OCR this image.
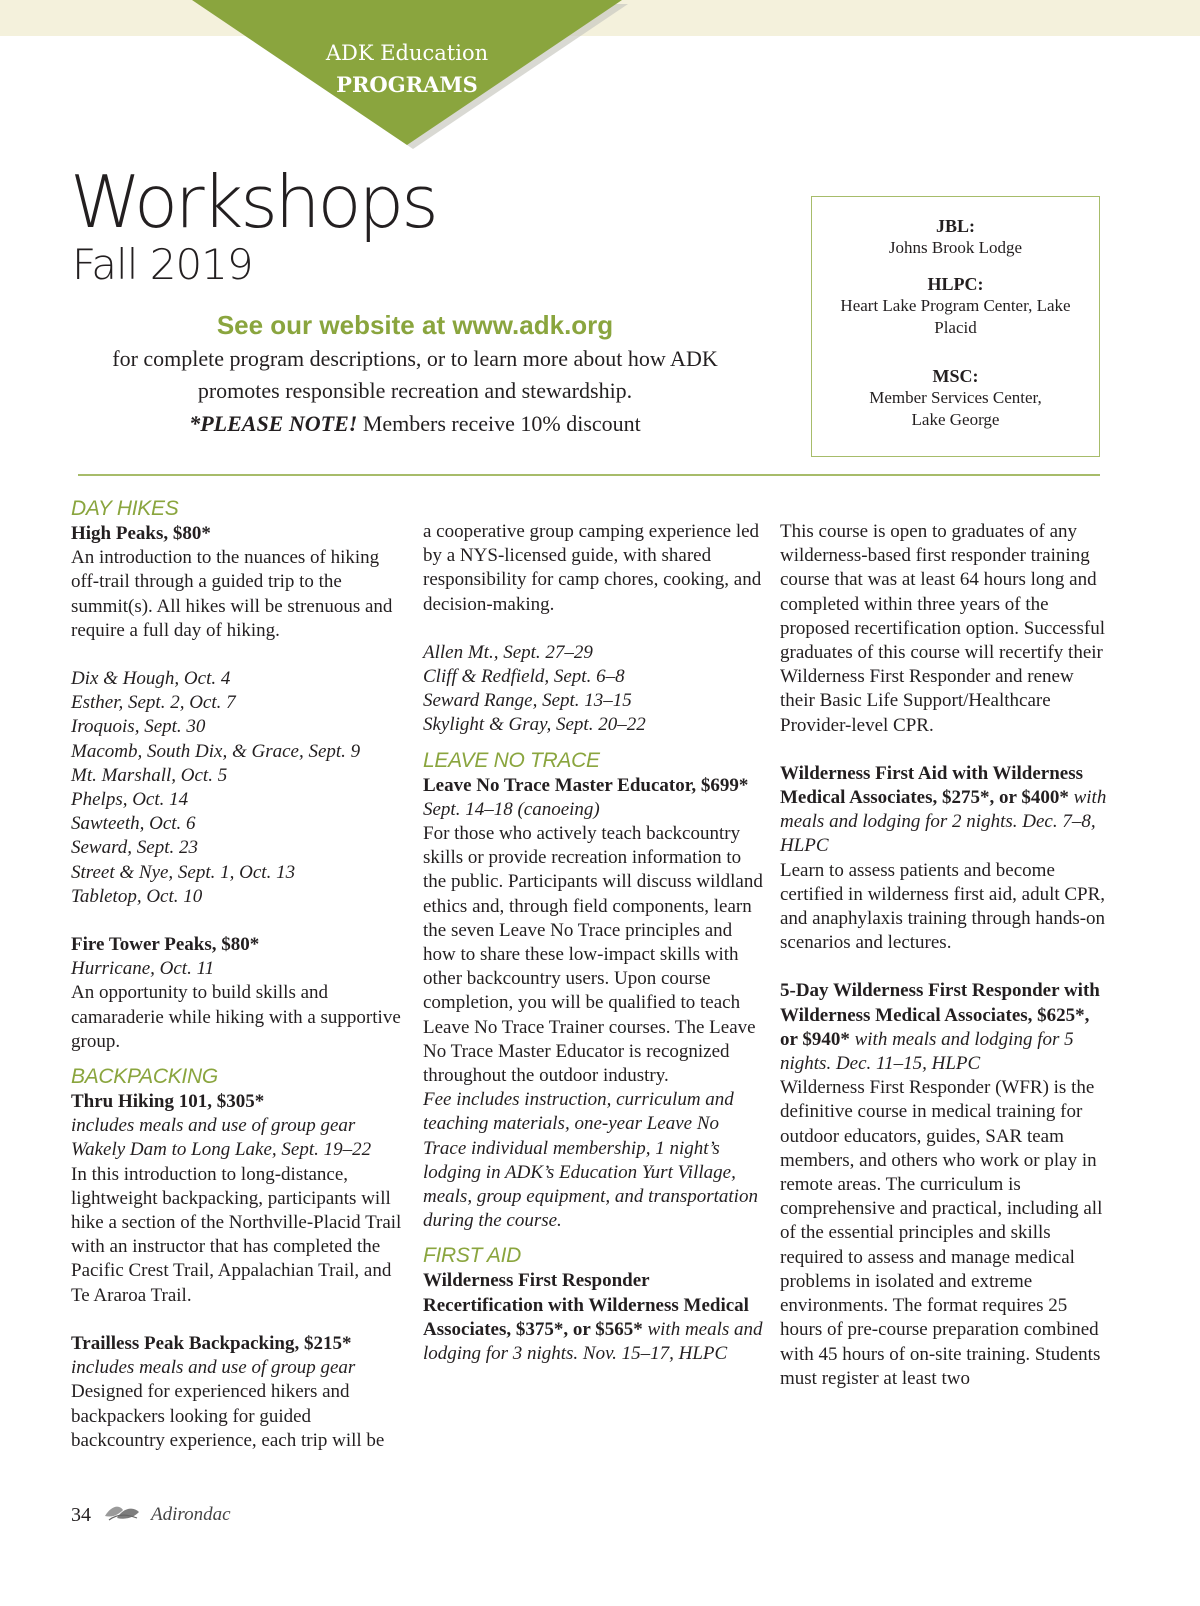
ADK Education
PROGRAMS
Workshops
Fall 2019
See our website at www.adk.org
for complete program descriptions, or to learn more about how ADK promotes responsible recreation and stewardship.
*PLEASE NOTE! Members receive 10% discount
JBL:
Johns Brook Lodge
HLPC:
Heart Lake Program Center, Lake Placid
MSC:
Member Services Center, Lake George

DAY HIKES

High Peaks, $80*

An introduction to the nuances of hiking off-trail through a guided trip to the summit(s). All hikes will be strenuous and require a full day of hiking.

Dix & Hough, Oct. 4

Esther, Sept. 2, Oct. 7

Iroquois, Sept. 30

Macomb, South Dix, & Grace, Sept. 9

Mt. Marshall, Oct. 5

Phelps, Oct. 14

Sawteeth, Oct. 6

Seward, Sept. 23

Street & Nye, Sept. 1, Oct. 13

Tabletop, Oct. 10

Fire Tower Peaks, $80*

Hurricane, Oct. 11

An opportunity to build skills and camaraderie while hiking with a supportive group.

BACKPACKING

Thru Hiking 101, $305*

includes meals and use of group gear Wakely Dam to Long Lake, Sept. 19–22

In this introduction to long-distance, lightweight backpacking, participants will hike a section of the Northville-Placid Trail with an instructor that has completed the Pacific Crest Trail, Appalachian Trail, and Te Araroa Trail.

Trailless Peak Backpacking, $215*

includes meals and use of group gear

Designed for experienced hikers and backpackers looking for guided backcountry experience, each trip will be

a cooperative group camping experience led by a NYS-licensed guide, with shared responsibility for camp chores, cooking, and decision-making.

Allen Mt., Sept. 27–29

Cliff & Redfield, Sept. 6–8

Seward Range, Sept. 13–15

Skylight & Gray, Sept. 20–22

LEAVE NO TRACE

Leave No Trace Master Educator, $699*

Sept. 14–18 (canoeing)

For those who actively teach backcountry skills or provide recreation information to the public. Participants will discuss wildland ethics and, through field components, learn the seven Leave No Trace principles and how to share these low-impact skills with other backcountry users. Upon course completion, you will be qualified to teach Leave No Trace Trainer courses. The Leave No Trace Master Educator is recognized throughout the outdoor industry.

Fee includes instruction, curriculum and teaching materials, one-year Leave No Trace individual membership, 1 night’s lodging in ADK’s Education Yurt Village, meals, group equipment, and transportation during the course.

FIRST AID

Wilderness First Responder Recertification with Wilderness Medical Associates, $375*, or $565* with meals and lodging for 3 nights. Nov. 15–17, HLPC

This course is open to graduates of any wilderness-based first responder training course that was at least 64 hours long and completed within three years of the proposed recertification option. Successful graduates of this course will recertify their Wilderness First Responder and renew their Basic Life Support/Healthcare Provider-level CPR.

Wilderness First Aid with Wilderness Medical Associates, $275*, or $400* with meals and lodging for 2 nights. Dec. 7–8, HLPC

Learn to assess patients and become certified in wilderness first aid, adult CPR, and anaphylaxis training through hands-on scenarios and lectures.

5-Day Wilderness First Responder with Wilderness Medical Associates, $625*, or $940* with meals and lodging for 5 nights. Dec. 11–15, HLPC

Wilderness First Responder (WFR) is the definitive course in medical training for outdoor educators, guides, SAR team members, and others who work or play in remote areas. The curriculum is comprehensive and practical, including all of the essential principles and skills required to assess and manage medical problems in isolated and extreme environments. The format requires 25 hours of pre-course preparation combined with 45 hours of on-site training. Students must register at least two

34	Adirondac
